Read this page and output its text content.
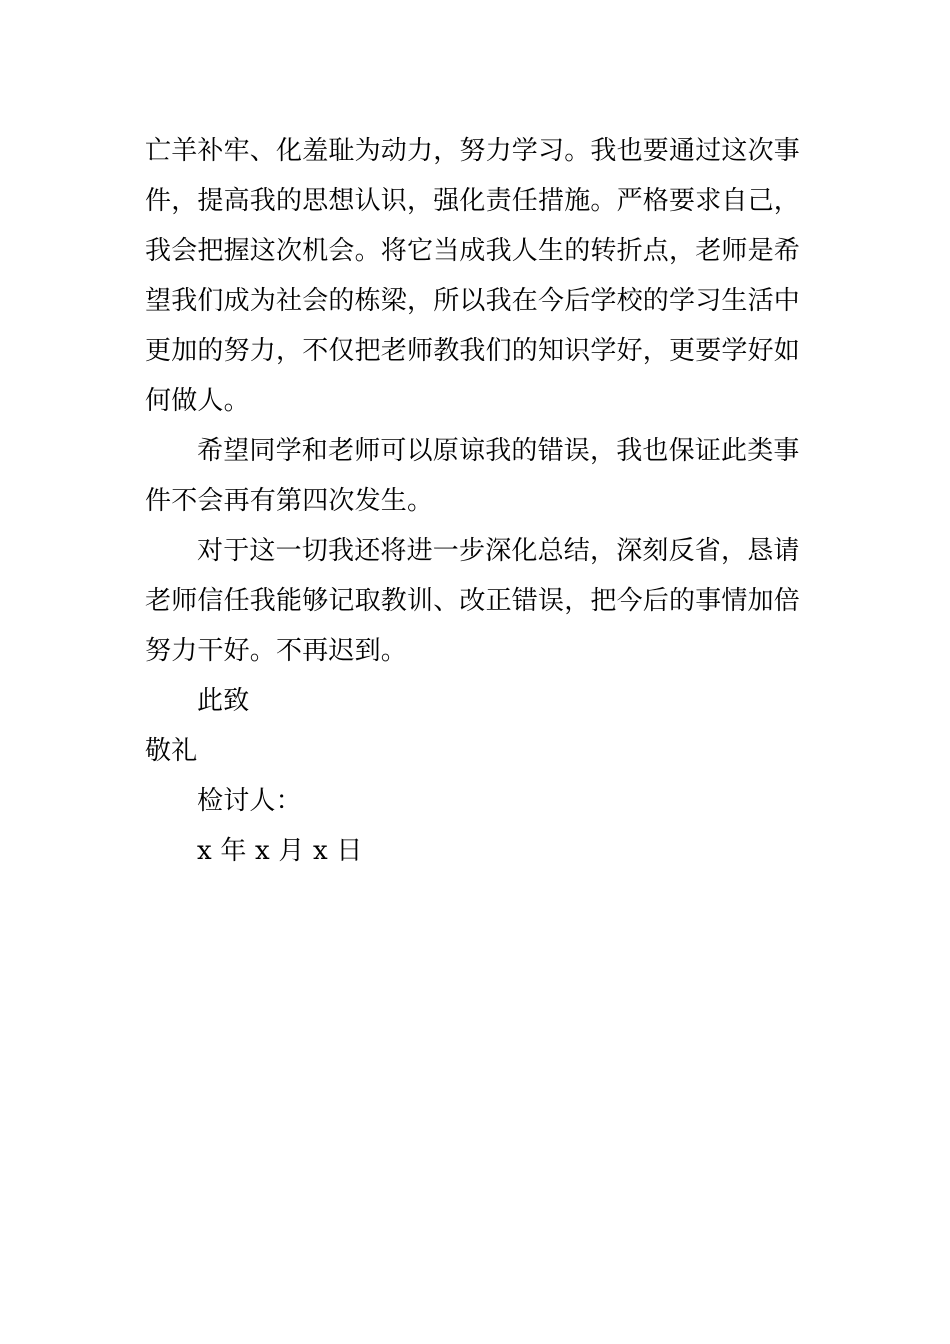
亡羊补牢、化羞耻为动力，努力学习。我也要通过这次事
件，提高我的思想认识，强化责任措施。严格要求自己，
我会把握这次机会。将它当成我人生的转折点，老师是希
望我们成为社会的栋梁，所以我在今后学校的学习生活中
更加的努力，不仅把老师教我们的知识学好，更要学好如
何做人。
希望同学和老师可以原谅我的错误，我也保证此类事
件不会再有第四次发生。
对于这一切我还将进一步深化总结，深刻反省，恳请
老师信任我能够记取教训、改正错误，把今后的事情加倍
努力干好。不再迟到。
此致
敬礼
检讨人：
x 年 x 月 x 日
